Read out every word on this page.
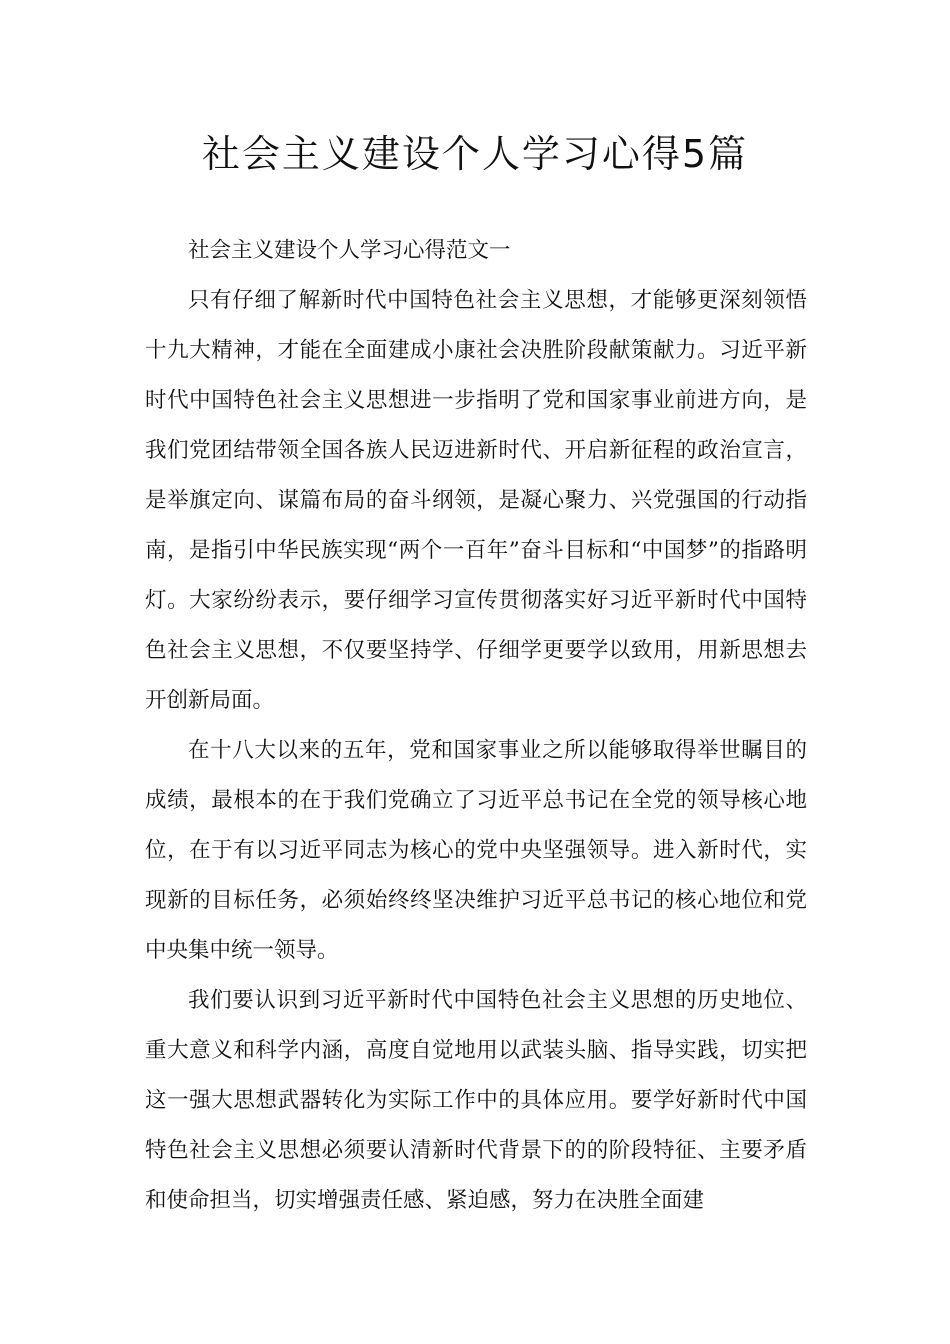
社会主义建设个人学习心得5篇

社会主义建设个人学习心得范文一

只有仔细了解新时代中国特色社会主义思想，才能够更深刻领悟十九大精神，才能在全面建成小康社会决胜阶段献策献力。习近平新时代中国特色社会主义思想进一步指明了党和国家事业前进方向，是我们党团结带领全国各族人民迈进新时代、开启新征程的政治宣言，是举旗定向、谋篇布局的奋斗纲领，是凝心聚力、兴党强国的行动指南，是指引中华民族实现“两个一百年”奋斗目标和“中国梦”的指路明灯。大家纷纷表示，要仔细学习宣传贯彻落实好习近平新时代中国特色社会主义思想，不仅要坚持学、仔细学更要学以致用，用新思想去开创新局面。

在十八大以来的五年，党和国家事业之所以能够取得举世瞩目的成绩，最根本的在于我们党确立了习近平总书记在全党的领导核心地位，在于有以习近平同志为核心的党中央坚强领导。进入新时代，实现新的目标任务，必须始终终坚决维护习近平总书记的核心地位和党中央集中统一领导。

我们要认识到习近平新时代中国特色社会主义思想的历史地位、重大意义和科学内涵，高度自觉地用以武装头脑、指导实践，切实把这一强大思想武器转化为实际工作中的具体应用。要学好新时代中国特色社会主义思想必须要认清新时代背景下的的阶段特征、主要矛盾和使命担当，切实增强责任感、紧迫感，努力在决胜全面建
